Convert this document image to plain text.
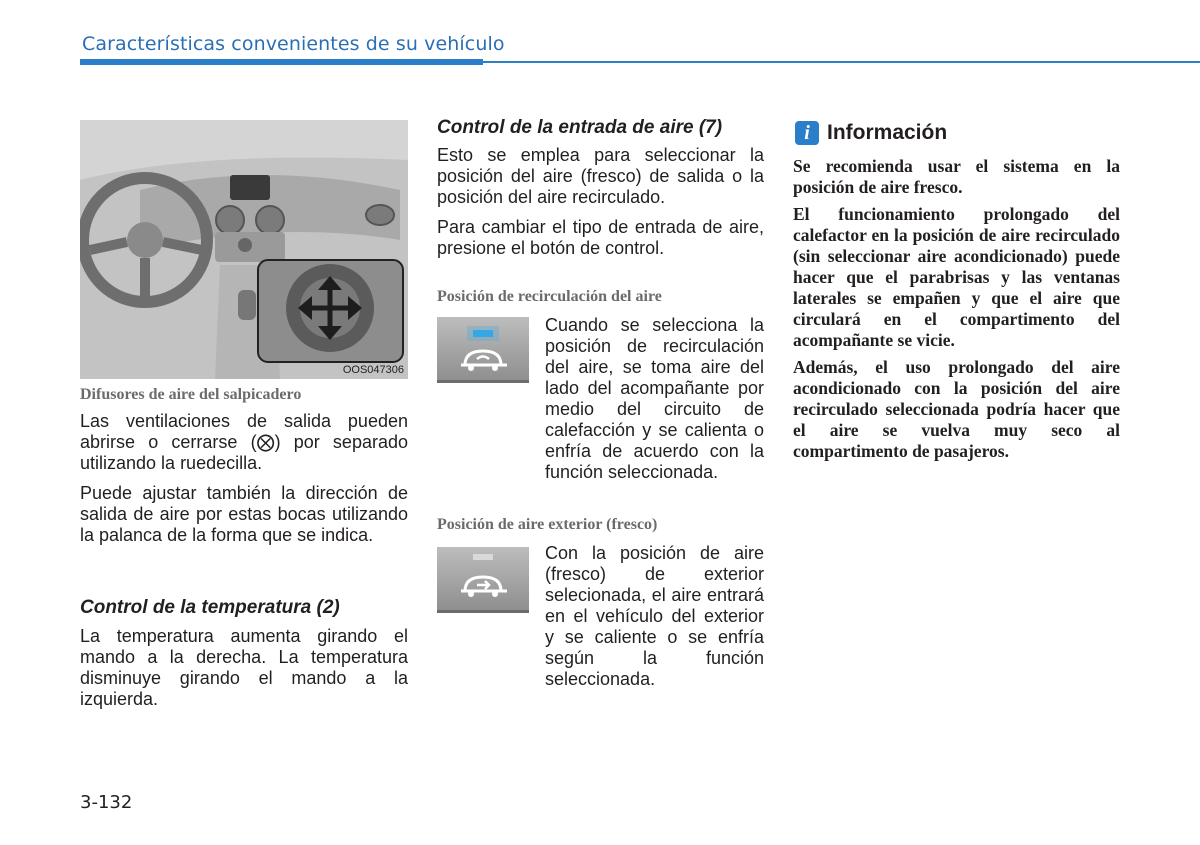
Características convenientes de su vehículo
OOS047306
Difusores de aire del salpicadero

Las ventilaciones de salida pueden abrirse o cerrarse (⨂) por separado utilizando la ruedecilla.

Puede ajustar también la dirección de salida de aire por estas bocas utilizando la palanca de la forma que se indica.

Control de la temperatura (2)
La temperatura aumenta girando el mando a la derecha. La temperatura disminuye girando el mando a la izquierda.
Control de la entrada de aire (7)

Esto se emplea para seleccionar la posición del aire (fresco) de salida o la posición del aire recirculado.

Para cambiar el tipo de entrada de aire, presione el botón de control.

Posición de recirculación del aire
Cuando se selecciona la posición de recirculación del aire, se toma aire del lado del acompañante por medio del circuito de calefacción y se calienta o enfría de acuerdo con la función seleccionada.
Posición de aire exterior (fresco)
Con la posición de aire (fresco) de exterior selecionada, el aire entrará en el vehículo del exterior y se caliente o se enfría según la función seleccionada.
i Información

Se recomienda usar el sistema en la posición de aire fresco.

El funcionamiento prolongado del calefactor en la posición de aire recirculado (sin seleccionar aire acondicionado) puede hacer que el parabrisas y las ventanas laterales se empañen y que el aire que circulará en el compartimento del acompañante se vicie.

Además, el uso prolongado del aire acondicionado con la posición del aire recirculado seleccionada podría hacer que el aire se vuelva muy seco al compartimento de pasajeros.

3-132
